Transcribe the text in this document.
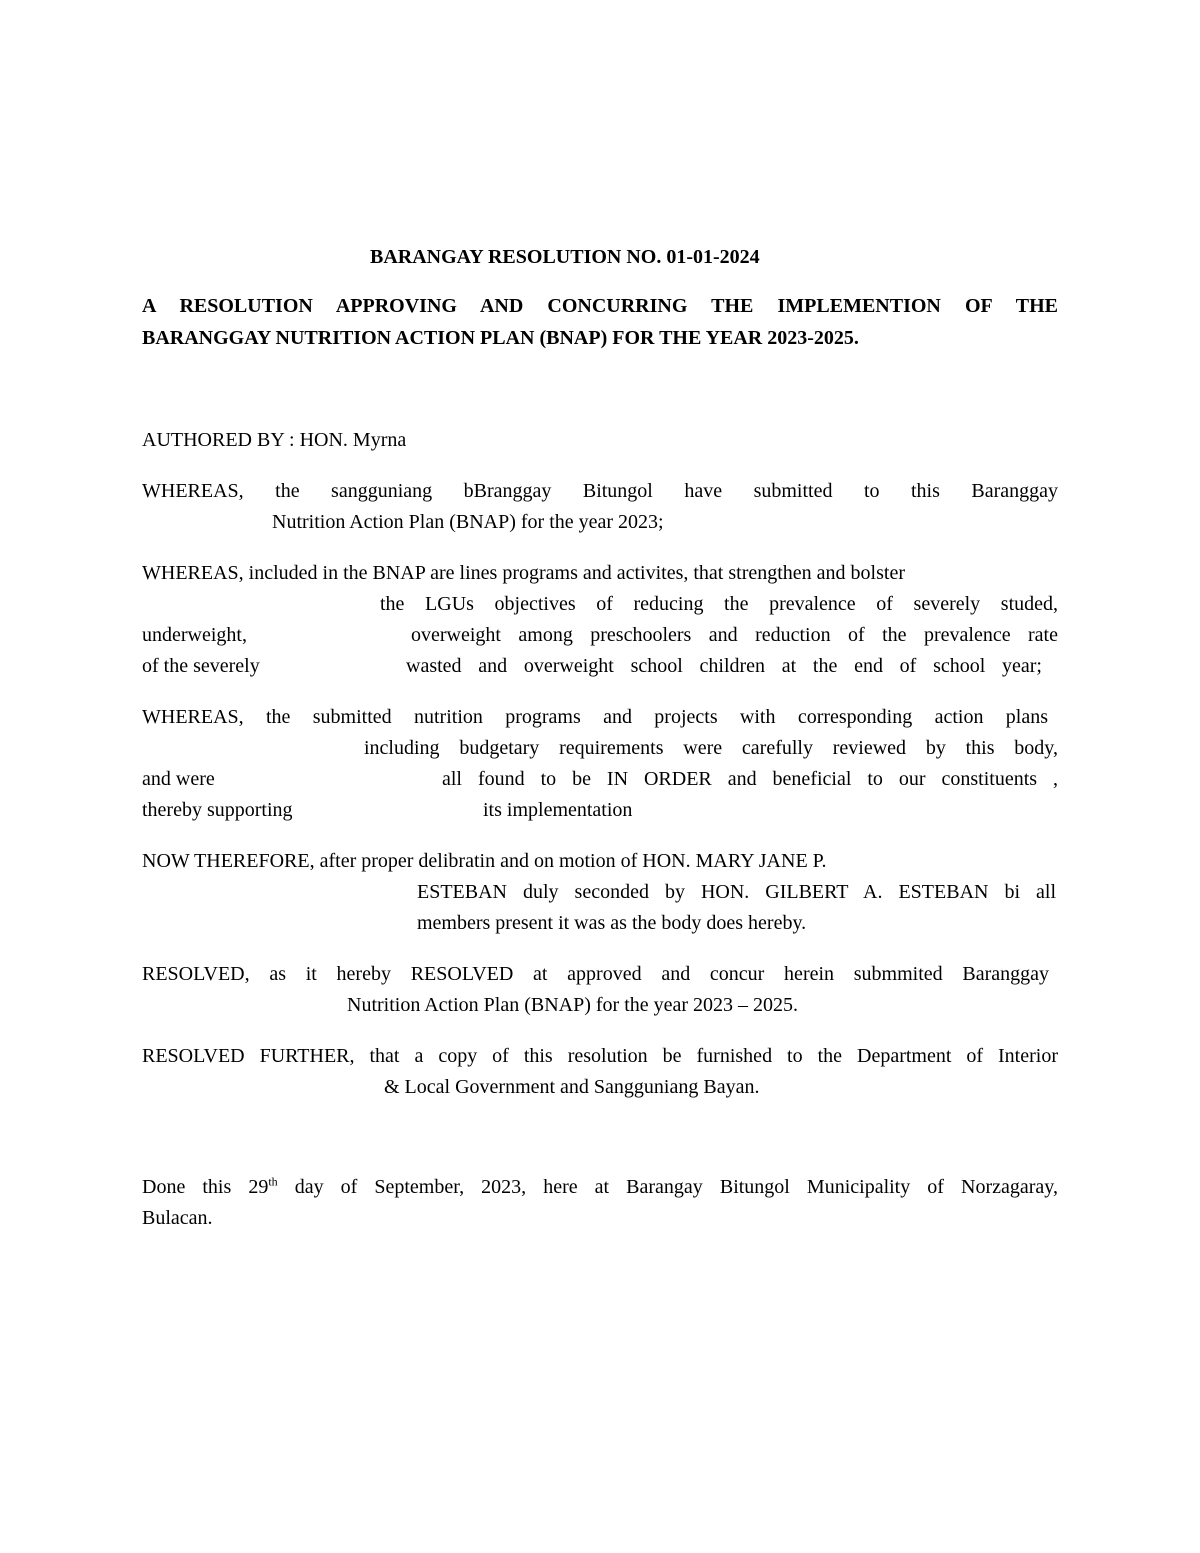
BARANGAY RESOLUTION NO. 01-01-2024
A RESOLUTION APPROVING AND CONCURRING THE IMPLEMENTION OF THE
BARANGGAY NUTRITION ACTION PLAN (BNAP) FOR THE YEAR 2023-2025.
AUTHORED BY : HON. Myrna
WHEREAS, the sangguniang bBranggay Bitungol have submitted to this Baranggay
Nutrition Action Plan (BNAP) for the year 2023;
WHEREAS, included in the BNAP are lines programs and activites, that strengthen and bolster
the LGUs objectives of reducing the prevalence of severely studed,
underweight,	overweight among preschoolers and reduction of the prevalence rate
of the severely	wasted and overweight school children at the end of school year;
WHEREAS, the submitted nutrition programs and projects with corresponding action plans
including budgetary requirements were carefully reviewed by this body,
and were	all found to be IN ORDER and beneficial to our constituents ,
thereby supporting	its implementation
NOW THEREFORE, after proper delibratin and on motion of HON. MARY JANE P.
ESTEBAN duly seconded by HON. GILBERT A. ESTEBAN bi all
members present it was as the body does hereby.
RESOLVED, as it hereby RESOLVED at approved and concur herein submmited Baranggay
Nutrition Action Plan (BNAP) for the year 2023 – 2025.
RESOLVED FURTHER, that a copy of this resolution be furnished to the Department of Interior
& Local Government and Sangguniang Bayan.
Done this 29th day of September, 2023, here at Barangay Bitungol Municipality of Norzagaray,
Bulacan.
